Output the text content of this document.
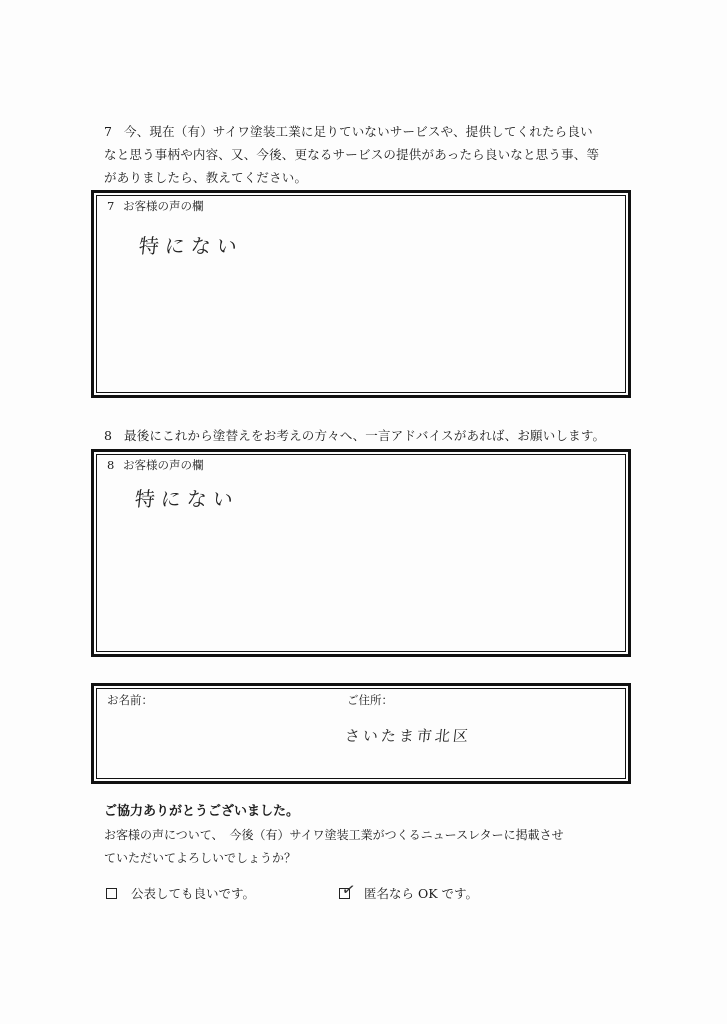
7 今、現在（有）サイワ塗装工業に足りていないサービスや、提供してくれたら良い
なと思う事柄や内容、又、今後、更なるサービスの提供があったら良いなと思う事、等
がありましたら、教えてください。
7 お客様の声の欄
特にない
8 最後にこれから塗替えをお考えの方々へ、一言アドバイスがあれば、お願いします。
8 お客様の声の欄
特にない
お名前：	ご住所：
さいたま市北区

ご協力ありがとうございました。

お客様の声について、　今後（有）サイワ塗装工業がつくるニュースレターに掲載させ
ていただいてよろしいでしょうか？
公表しても良いです。	✓ 匿名なら OK です。
